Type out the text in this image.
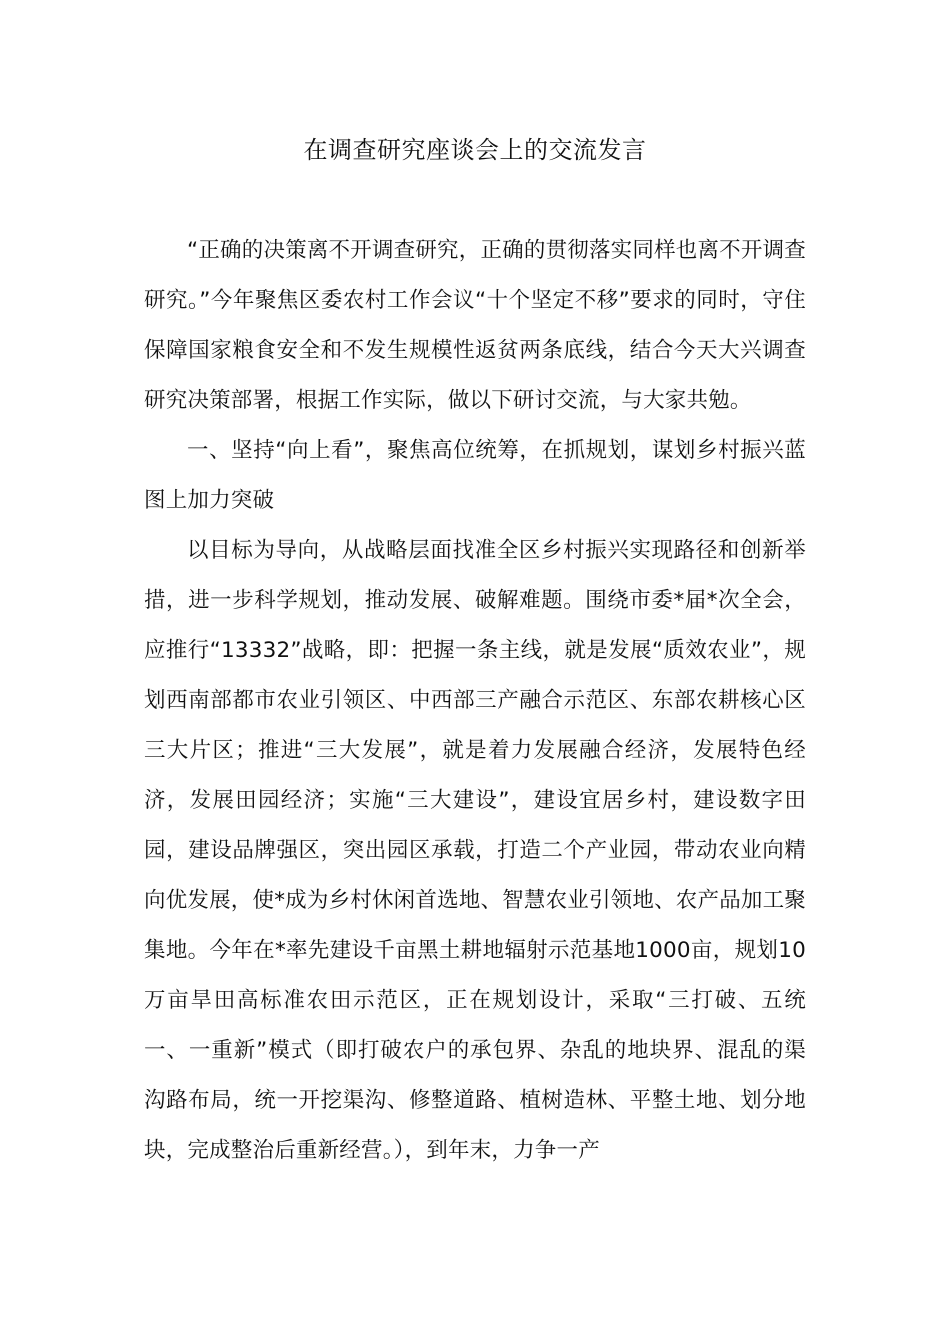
在调查研究座谈会上的交流发言

“正确的决策离不开调查研究，正确的贯彻落实同样也离不开调查研究。”今年聚焦区委农村工作会议“十个坚定不移”要求的同时，守住保障国家粮食安全和不发生规模性返贫两条底线，结合今天大兴调查研究决策部署，根据工作实际，做以下研讨交流，与大家共勉。

一、坚持“向上看”，聚焦高位统筹，在抓规划，谋划乡村振兴蓝图上加力突破

以目标为导向，从战略层面找准全区乡村振兴实现路径和创新举措，进一步科学规划，推动发展、破解难题。围绕市委*届*次全会，应推行“13332”战略，即：把握一条主线，就是发展“质效农业”，规划西南部都市农业引领区、中西部三产融合示范区、东部农耕核心区三大片区；推进“三大发展”，就是着力发展融合经济，发展特色经济，发展田园经济；实施“三大建设”，建设宜居乡村，建设数字田园，建设品牌强区，突出园区承载，打造二个产业园，带动农业向精向优发展，使*成为乡村休闲首选地、智慧农业引领地、农产品加工聚集地。今年在*率先建设千亩黑土耕地辐射示范基地1000亩，规划10万亩旱田高标准农田示范区，正在规划设计，采取“三打破、五统一、一重新”模式（即打破农户的承包界、杂乱的地块界、混乱的渠沟路布局，统一开挖渠沟、修整道路、植树造林、平整土地、划分地块，完成整治后重新经营。），到年末，力争一产
